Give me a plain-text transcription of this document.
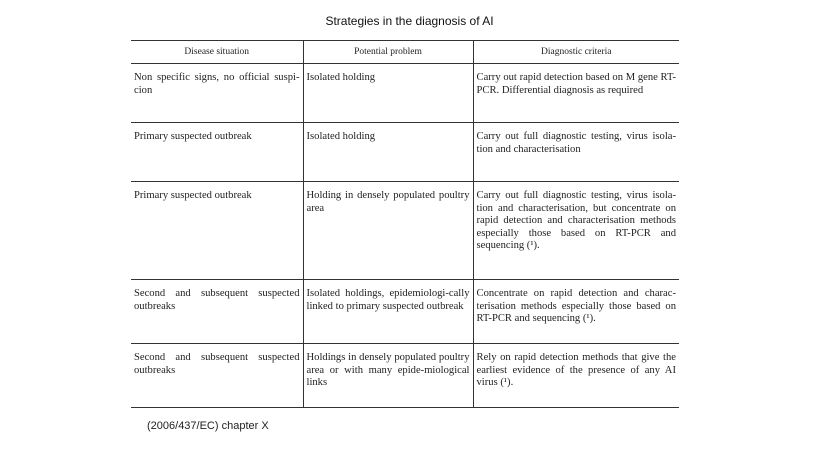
Strategies in the diagnosis of AI
Disease situation	Potential problem	Diagnostic criteria
Non specific signs, no official suspi-cion	Isolated holding	Carry out rapid detection based on M gene RT-PCR. Differential diagnosis as required
Primary suspected outbreak	Isolated holding	Carry out full diagnostic testing, virus isola-tion and characterisation
Primary suspected outbreak	Holding in densely populated poultry area	Carry out full diagnostic testing, virus isola-tion and characterisation, but concentrate on rapid detection and characterisation methods especially those based on RT-PCR and sequencing (¹).
Second and subsequent suspected outbreaks	Isolated holdings, epidemiologi-cally linked to primary suspected outbreak	Concentrate on rapid detection and charac-terisation methods especially those based on RT-PCR and sequencing (¹).
Second and subsequent suspected outbreaks	Holdings in densely populated poultry area or with many epide-miological links	Rely on rapid detection methods that give the earliest evidence of the presence of any AI virus (¹).
(2006/437/EC) chapter X
